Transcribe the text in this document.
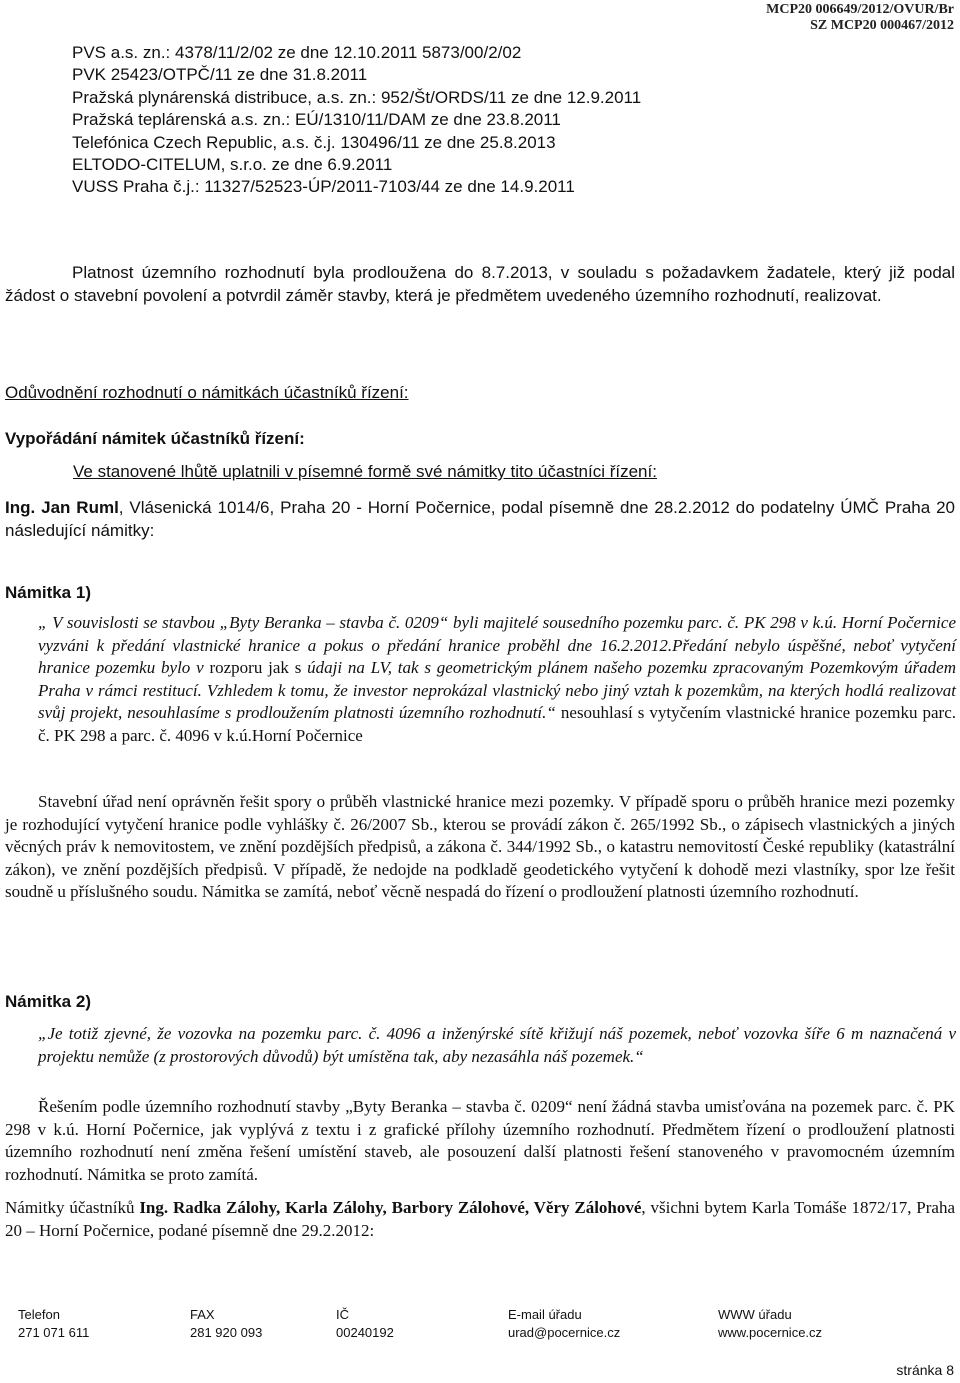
MCP20 006649/2012/OVUR/Br
SZ MCP20 000467/2012
PVS a.s. zn.: 4378/11/2/02 ze dne 12.10.2011 5873/00/2/02
PVK 25423/OTPČ/11 ze dne 31.8.2011
Pražská plynárenská distribuce, a.s. zn.: 952/Št/ORDS/11 ze dne 12.9.2011
Pražská teplárenská a.s. zn.: EÚ/1310/11/DAM ze dne 23.8.2011
Telefónica Czech Republic, a.s. č.j. 130496/11 ze dne 25.8.2013
ELTODO-CITELUM, s.r.o. ze dne 6.9.2011
VUSS Praha č.j.: 11327/52523-ÚP/2011-7103/44 ze dne 14.9.2011
Platnost územního rozhodnutí byla prodloužena do 8.7.2013, v souladu s požadavkem žadatele, který již podal žádost o stavební povolení a potvrdil záměr stavby, která je předmětem uvedeného územního rozhodnutí, realizovat.
Odůvodnění rozhodnutí o námitkách účastníků řízení:
Vypořádání námitek účastníků řízení:
Ve stanovené lhůtě uplatnili v písemné formě své námitky tito účastníci řízení:
Ing. Jan Ruml, Vlásenická 1014/6, Praha 20 - Horní Počernice, podal písemně dne 28.2.2012 do podatelny ÚMČ Praha 20 následující námitky:
Námitka 1)
„ V souvislosti se stavbou „Byty Beranka – stavba č. 0209“ byli majitelé sousedního pozemku parc. č. PK 298 v k.ú. Horní Počernice vyzváni k předání vlastnické hranice a pokus o předání hranice proběhl dne 16.2.2012.Předání nebylo úspěšné, neboť vytyčení hranice pozemku bylo v rozporu jak s údaji na LV, tak s geometrickým plánem našeho pozemku zpracovaným Pozemkovým úřadem Praha v rámci restitucí. Vzhledem k tomu, že investor neprokázal vlastnický nebo jiný vztah k pozemkům, na kterých hodlá realizovat svůj projekt, nesouhlasíme s prodloužením platnosti územního rozhodnutí.“ nesouhlasí s vytyčením vlastnické hranice pozemku parc. č. PK 298 a parc. č. 4096 v k.ú.Horní Počernice
Stavební úřad není oprávněn řešit spory o průběh vlastnické hranice mezi pozemky. V případě sporu o průběh hranice mezi pozemky je rozhodující vytyčení hranice podle vyhlášky č. 26/2007 Sb., kterou se provádí zákon č. 265/1992 Sb., o zápisech vlastnických a jiných věcných práv k nemovitostem, ve znění pozdějších předpisů, a zákona č. 344/1992 Sb., o katastru nemovitostí České republiky (katastrální zákon), ve znění pozdějších předpisů. V případě, že nedojde na podkladě geodetického vytyčení k dohodě mezi vlastníky, spor lze řešit soudně u příslušného soudu. Námitka se zamítá, neboť věcně nespadá do řízení o prodloužení platnosti územního rozhodnutí.
Námitka 2)
„Je totiž zjevné, že vozovka na pozemku parc. č. 4096 a inženýrské sítě křižují náš pozemek, neboť vozovka šíře 6 m naznačená v projektu nemůže (z prostorových důvodů) být umístěna tak, aby nezasáhla náš pozemek.“
Řešením podle územního rozhodnutí stavby „Byty Beranka – stavba č. 0209“ není žádná stavba umisťována na pozemek parc. č. PK 298 v k.ú. Horní Počernice, jak vyplývá z textu i z grafické přílohy územního rozhodnutí. Předmětem řízení o prodloužení platnosti územního rozhodnutí není změna řešení umístění staveb, ale posouzení další platnosti řešení stanoveného v pravomocném územním rozhodnutí. Námitka se proto zamítá.
Námitky účastníků Ing. Radka Zálohy, Karla Zálohy, Barbory Zálohové, Věry Zálohové, všichni bytem Karla Tomáše 1872/17, Praha 20 – Horní Počernice, podané písemně dne 29.2.2012:
Telefon
271 071 611
FAX
281 920 093
IČ
00240192
E-mail úřadu
urad@pocernice.cz
WWW úřadu
www.pocernice.cz
stránka 8
